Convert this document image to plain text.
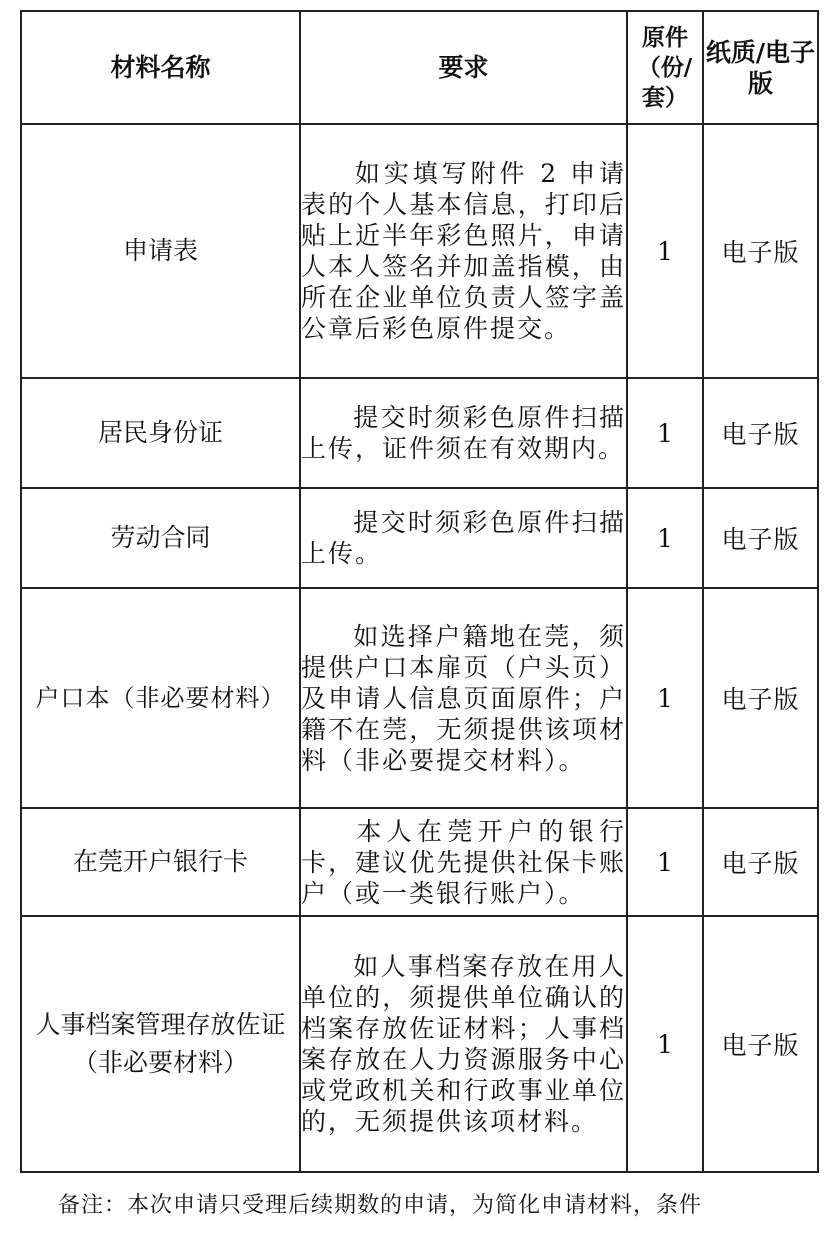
材料名称	要求	原件（份/套）	纸质/电子版
申请表	如实填写附件 2 申请表的个人基本信息，打印后贴上近半年彩色照片，申请人本人签名并加盖指模，由所在企业单位负责人签字盖公章后彩色原件提交。	1	电子版
居民身份证	提交时须彩色原件扫描上传，证件须在有效期内。	1	电子版
劳动合同	提交时须彩色原件扫描上传。	1	电子版
户口本（非必要材料）	如选择户籍地在莞，须提供户口本扉页（户头页）及申请人信息页面原件；户籍不在莞，无须提供该项材料（非必要提交材料）。	1	电子版
在莞开户银行卡	本人在莞开户的银行卡，建议优先提供社保卡账户（或一类银行账户）。	1	电子版
人事档案管理存放佐证（非必要材料）	如人事档案存放在用人单位的，须提供单位确认的档案存放佐证材料；人事档案存放在人力资源服务中心或党政机关和行政事业单位的，无须提供该项材料。	1	电子版
备注：本次申请只受理后续期数的申请，为简化申请材料，条件
